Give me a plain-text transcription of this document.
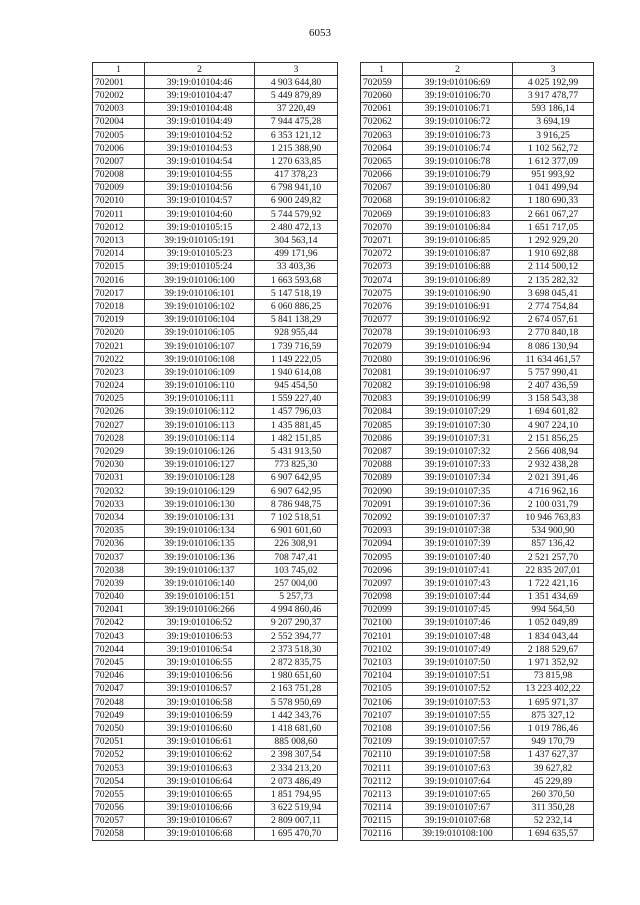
6053
1	2	3
702001	39:19:010104:46	4 903 644,80
702002	39:19:010104:47	5 449 879,89
702003	39:19:010104:48	37 220,49
702004	39:19:010104:49	7 944 475,28
702005	39:19:010104:52	6 353 121,12
702006	39:19:010104:53	1 215 388,90
702007	39:19:010104:54	1 270 633,85
702008	39:19:010104:55	417 378,23
702009	39:19:010104:56	6 798 941,10
702010	39:19:010104:57	6 900 249,82
702011	39:19:010104:60	5 744 579,92
702012	39:19:010105:15	2 480 472,13
702013	39:19:010105:191	304 563,14
702014	39:19:010105:23	499 171,96
702015	39:19:010105:24	33 403,36
702016	39:19:010106:100	1 663 593,68
702017	39:19:010106:101	5 147 518,19
702018	39:19:010106:102	6 060 886,25
702019	39:19:010106:104	5 841 138,29
702020	39:19:010106:105	928 955,44
702021	39:19:010106:107	1 739 716,59
702022	39:19:010106:108	1 149 222,05
702023	39:19:010106:109	1 940 614,08
702024	39:19:010106:110	945 454,50
702025	39:19:010106:111	1 559 227,40
702026	39:19:010106:112	1 457 796,03
702027	39:19:010106:113	1 435 881,45
702028	39:19:010106:114	1 482 151,85
702029	39:19:010106:126	5 431 913,50
702030	39:19:010106:127	773 825,30
702031	39:19:010106:128	6 907 642,95
702032	39:19:010106:129	6 907 642,95
702033	39:19:010106:130	8 786 948,75
702034	39:19:010106:131	7 102 518,51
702035	39:19:010106:134	6 901 601,60
702036	39:19:010106:135	226 308,91
702037	39:19:010106:136	708 747,41
702038	39:19:010106:137	103 745,02
702039	39:19:010106:140	257 004,00
702040	39:19:010106:151	5 257,73
702041	39:19:010106:266	4 994 860,46
702042	39:19:010106:52	9 207 290,37
702043	39:19:010106:53	2 552 394,77
702044	39:19:010106:54	2 373 518,30
702045	39:19:010106:55	2 872 835,75
702046	39:19:010106:56	1 980 651,60
702047	39:19:010106:57	2 163 751,28
702048	39:19:010106:58	5 578 950,69
702049	39:19:010106:59	1 442 343,76
702050	39:19:010106:60	1 418 681,60
702051	39:19:010106:61	885 008,60
702052	39:19:010106:62	2 398 307,54
702053	39:19:010106:63	2 334 213,20
702054	39:19:010106:64	2 073 486,49
702055	39:19:010106:65	1 851 794,95
702056	39:19:010106:66	3 622 519,94
702057	39:19:010106:67	2 809 007,11
702058	39:19:010106:68	1 695 470,70
1	2	3
702059	39:19:010106:69	4 025 192,99
702060	39:19:010106:70	3 917 478,77
702061	39:19:010106:71	593 186,14
702062	39:19:010106:72	3 694,19
702063	39:19:010106:73	3 916,25
702064	39:19:010106:74	1 102 562,72
702065	39:19:010106:78	1 612 377,09
702066	39:19:010106:79	951 993,92
702067	39:19:010106:80	1 041 499,94
702068	39:19:010106:82	1 180 690,33
702069	39:19:010106:83	2 661 067,27
702070	39:19:010106:84	1 651 717,05
702071	39:19:010106:85	1 292 929,20
702072	39:19:010106:87	1 910 692,88
702073	39:19:010106:88	2 114 500,12
702074	39:19:010106:89	2 135 282,32
702075	39:19:010106:90	3 698 045,41
702076	39:19:010106:91	2 774 754,84
702077	39:19:010106:92	2 674 057,61
702078	39:19:010106:93	2 770 840,18
702079	39:19:010106:94	8 086 130,94
702080	39:19:010106:96	11 634 461,57
702081	39:19:010106:97	5 757 990,41
702082	39:19:010106:98	2 407 436,59
702083	39:19:010106:99	3 158 543,38
702084	39:19:010107:29	1 694 601,82
702085	39:19:010107:30	4 907 224,10
702086	39:19:010107:31	2 151 856,25
702087	39:19:010107:32	2 566 408,94
702088	39:19:010107:33	2 932 438,28
702089	39:19:010107:34	2 021 391,46
702090	39:19:010107:35	4 716 962,16
702091	39:19:010107:36	2 100 031,79
702092	39:19:010107:37	10 946 763,83
702093	39:19:010107:38	534 900,90
702094	39:19:010107:39	857 136,42
702095	39:19:010107:40	2 521 257,70
702096	39:19:010107:41	22 835 207,01
702097	39:19:010107:43	1 722 421,16
702098	39:19:010107:44	1 351 434,69
702099	39:19:010107:45	994 564,50
702100	39:19:010107:46	1 052 049,89
702101	39:19:010107:48	1 834 043,44
702102	39:19:010107:49	2 188 529,67
702103	39:19:010107:50	1 971 352,92
702104	39:19:010107:51	73 815,98
702105	39:19:010107:52	13 223 402,22
702106	39:19:010107:53	1 695 971,37
702107	39:19:010107:55	875 327,12
702108	39:19:010107:56	1 019 786,46
702109	39:19:010107:57	949 170,79
702110	39:19:010107:58	1 437 627,37
702111	39:19:010107:63	39 627,82
702112	39:19:010107:64	45 229,89
702113	39:19:010107:65	260 370,50
702114	39:19:010107:67	311 350,28
702115	39:19:010107:68	52 232,14
702116	39:19:010108:100	1 694 635,57
